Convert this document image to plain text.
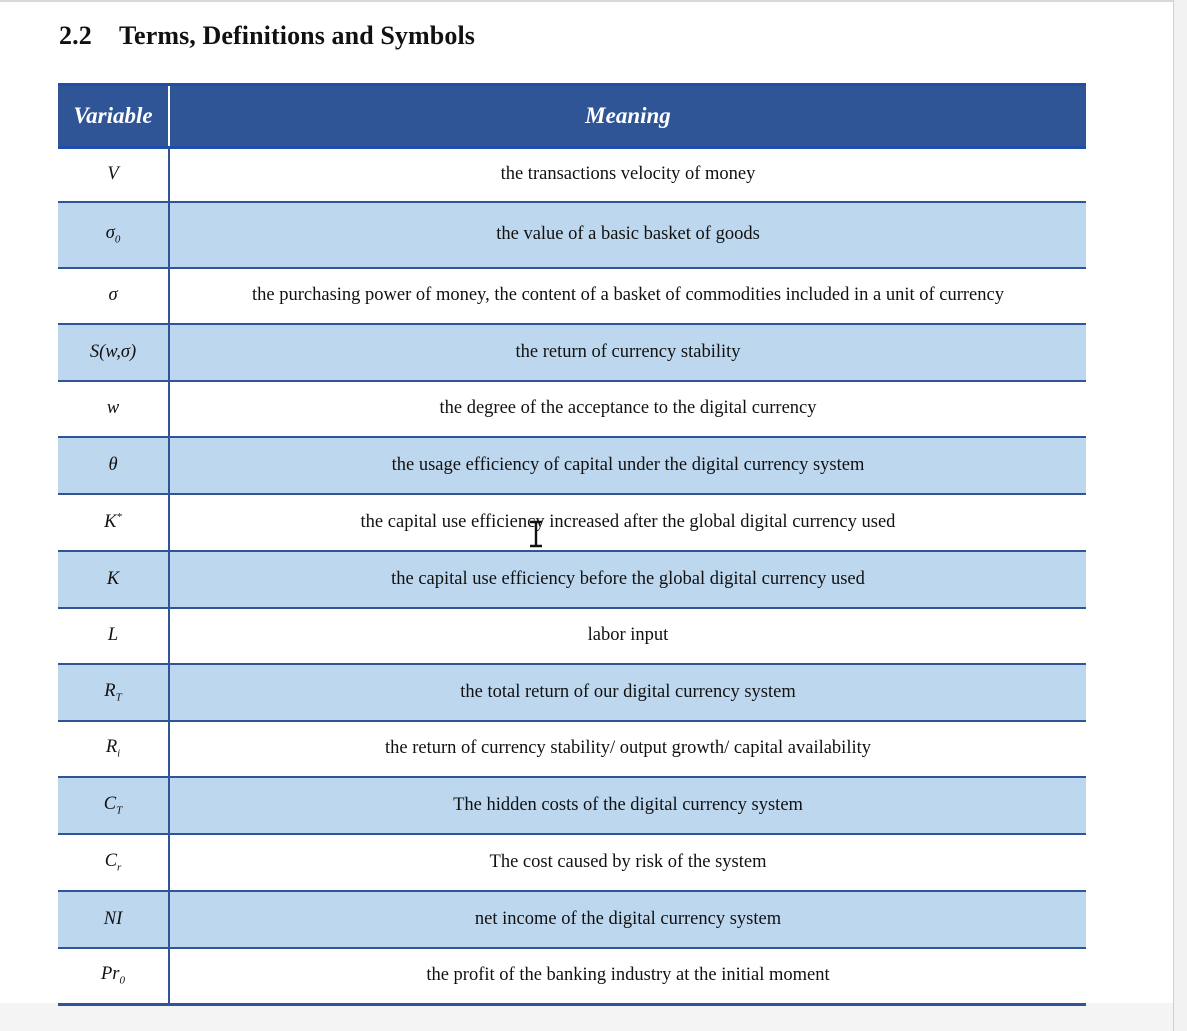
2.2 Terms, Definitions and Symbols
Variable	Meaning
V	the transactions velocity of money
$\sigma_0$	the value of a basic basket of goods
σ	the purchasing power of money, the content of a basket of commodities included in a unit of currency
S(w,σ)	the return of currency stability
w	the degree of the acceptance to the digital currency
θ	the usage efficiency of capital under the digital currency system
K*	the capital use efficiency increased after the global digital currency used
K	the capital use efficiency before the global digital currency used
L	labor input
$R_T$	the total return of our digital currency system
$R_i$	the return of currency stability/ output growth/ capital availability
$C_T$	The hidden costs of the digital currency system
$C_r$	The cost caused by risk of the system
NI	net income of the digital currency system
$Pr_0$	the profit of the banking industry at the initial moment
